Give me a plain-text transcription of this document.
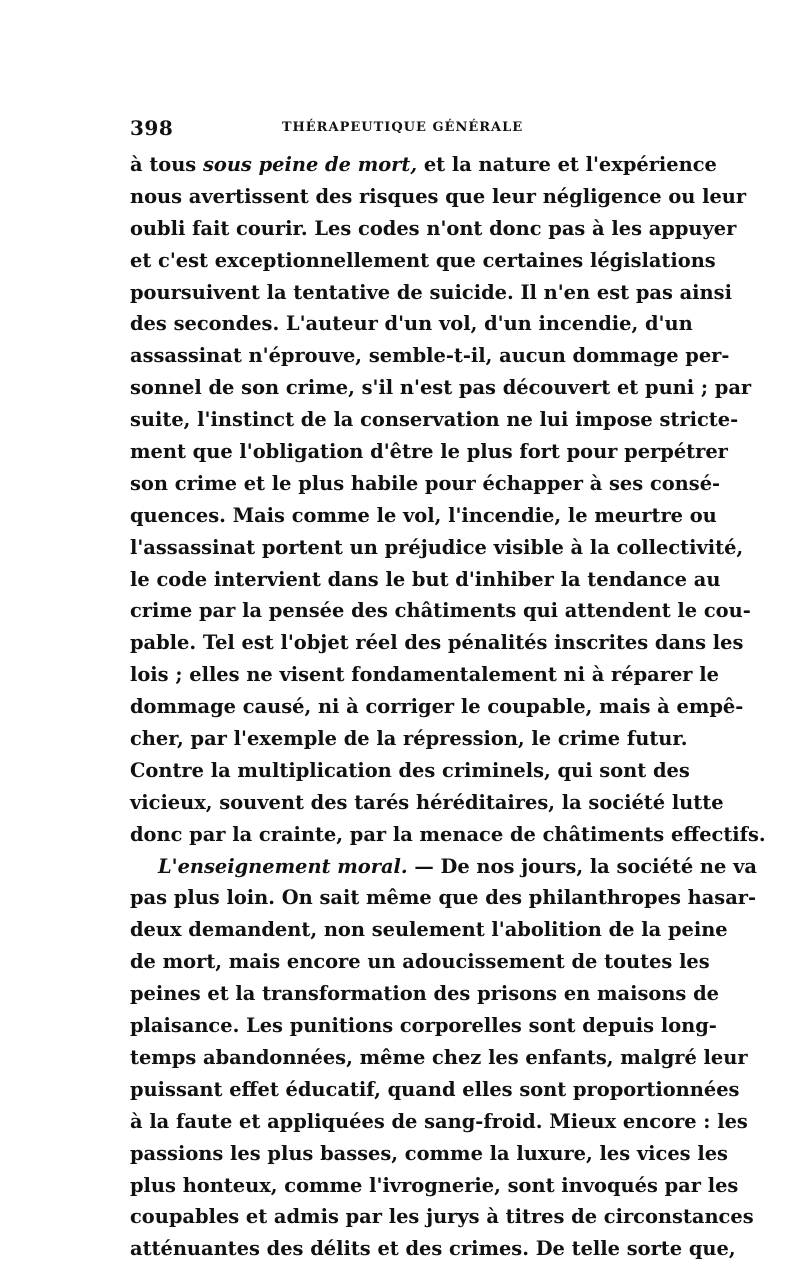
398	THÉRAPEUTIQUE GÉNÉRALE
à tous sous peine de mort, et la nature et l'expérience
nous avertissent des risques que leur négligence ou leur
oubli fait courir. Les codes n'ont donc pas à les appuyer
et c'est exceptionnellement que certaines législations
poursuivent la tentative de suicide. Il n'en est pas ainsi
des secondes. L'auteur d'un vol, d'un incendie, d'un
assassinat n'éprouve, semble-t-il, aucun dommage per-
sonnel de son crime, s'il n'est pas découvert et puni ; par
suite, l'instinct de la conservation ne lui impose stricte-
ment que l'obligation d'être le plus fort pour perpétrer
son crime et le plus habile pour échapper à ses consé-
quences. Mais comme le vol, l'incendie, le meurtre ou
l'assassinat portent un préjudice visible à la collectivité,
le code intervient dans le but d'inhiber la tendance au
crime par la pensée des châtiments qui attendent le cou-
pable. Tel est l'objet réel des pénalités inscrites dans les
lois ; elles ne visent fondamentalement ni à réparer le
dommage causé, ni à corriger le coupable, mais à empê-
cher, par l'exemple de la répression, le crime futur.
Contre la multiplication des criminels, qui sont des
vicieux, souvent des tarés héréditaires, la société lutte
donc par la crainte, par la menace de châtiments effectifs.
L'enseignement moral. — De nos jours, la société ne va
pas plus loin. On sait même que des philanthropes hasar-
deux demandent, non seulement l'abolition de la peine
de mort, mais encore un adoucissement de toutes les
peines et la transformation des prisons en maisons de
plaisance. Les punitions corporelles sont depuis long-
temps abandonnées, même chez les enfants, malgré leur
puissant effet éducatif, quand elles sont proportionnées
à la faute et appliquées de sang-froid. Mieux encore : les
passions les plus basses, comme la luxure, les vices les
plus honteux, comme l'ivrognerie, sont invoqués par les
coupables et admis par les jurys à titres de circonstances
atténuantes des délits et des crimes. De telle sorte que,
